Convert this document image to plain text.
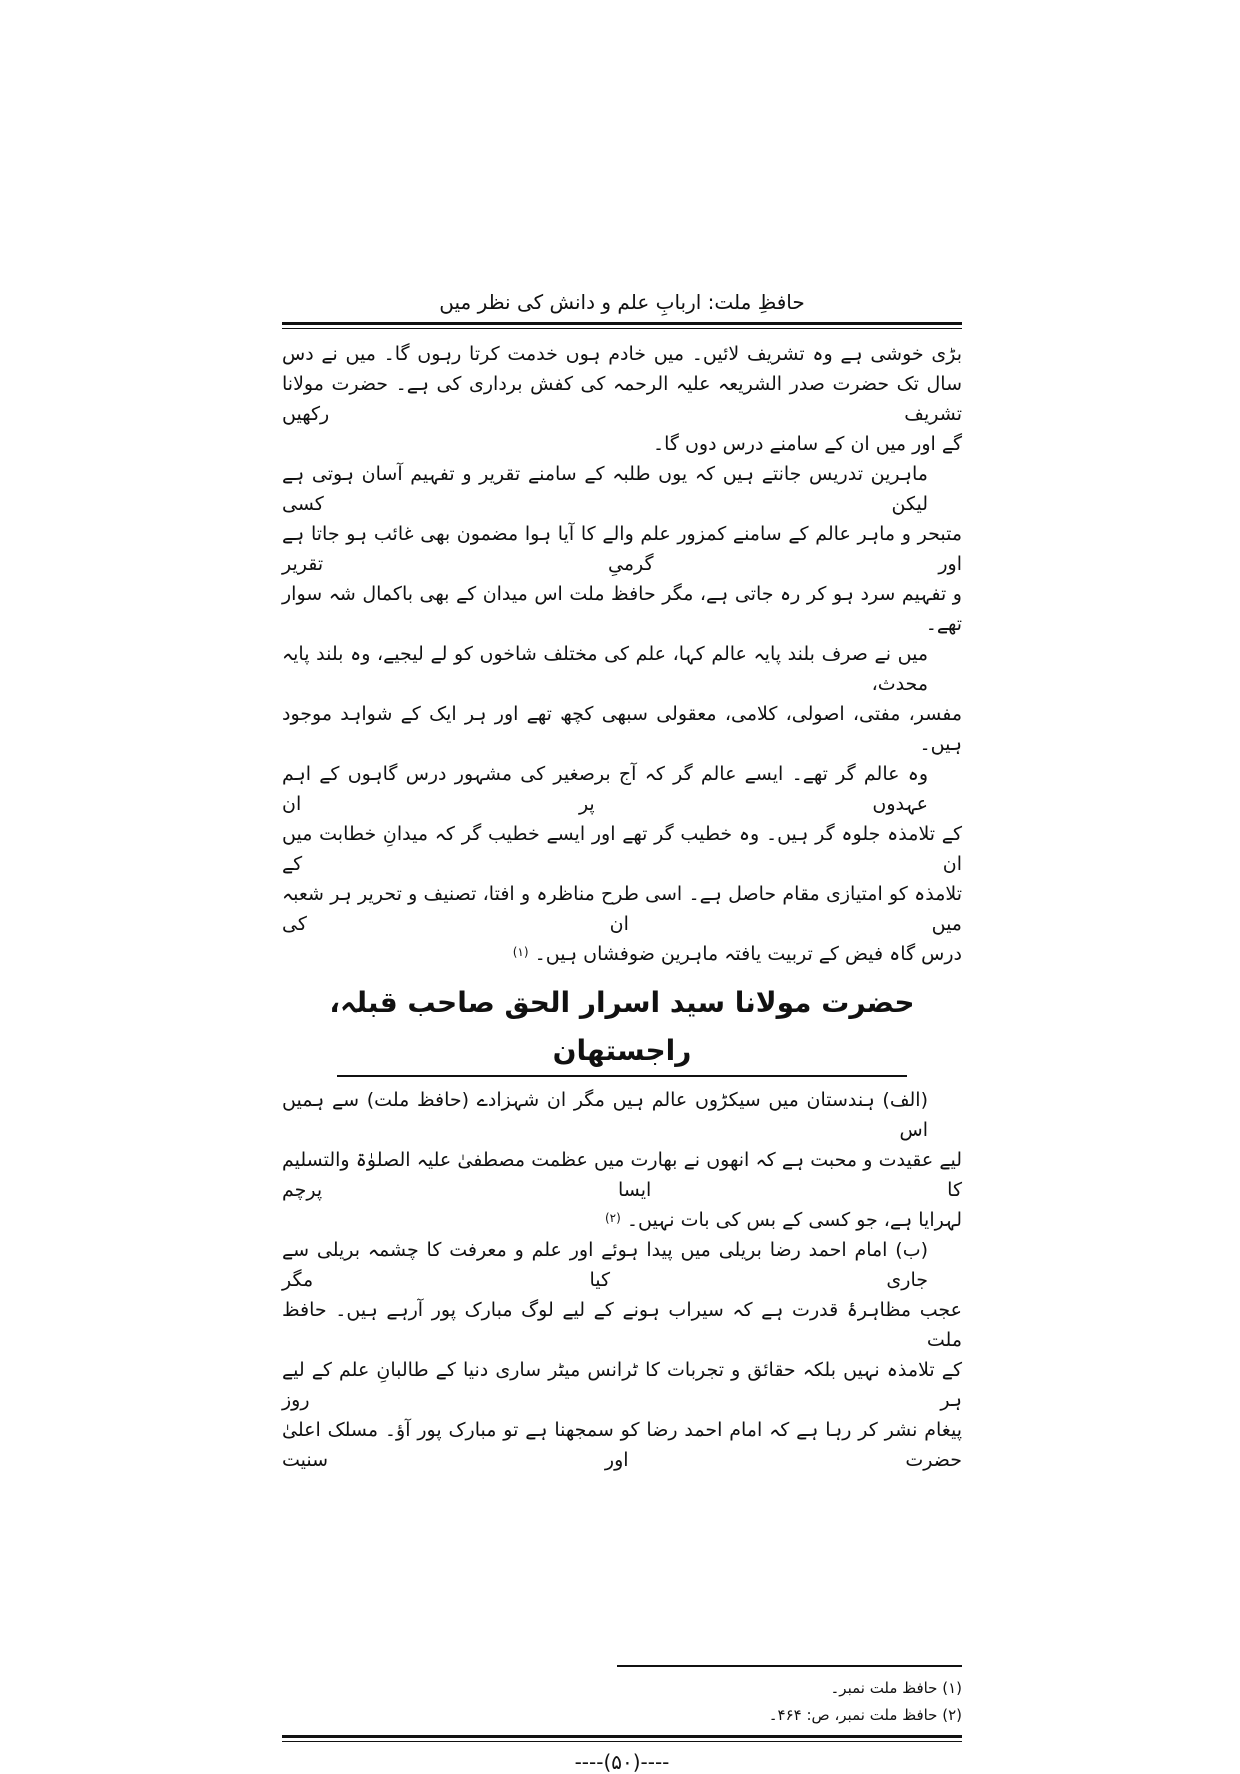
حافظِ ملت: اربابِ علم و دانش کی نظر میں
بڑی خوشی ہے وہ تشریف لائیں۔ میں خادم ہوں خدمت کرتا رہوں گا۔ میں نے دس
سال تک حضرت صدر الشریعہ علیہ الرحمہ کی کفش برداری کی ہے۔ حضرت مولانا تشریف رکھیں
گے اور میں ان کے سامنے درس دوں گا۔
ماہرین تدریس جانتے ہیں کہ یوں طلبہ کے سامنے تقریر و تفہیم آسان ہوتی ہے لیکن کسی
متبحر و ماہر عالم کے سامنے کمزور علم والے کا آیا ہوا مضمون بھی غائب ہو جاتا ہے اور گرمیِ تقریر
و تفہیم سرد ہو کر رہ جاتی ہے، مگر حافظ ملت اس میدان کے بھی باکمال شہ سوار تھے۔
میں نے صرف بلند پایہ عالم کہا، علم کی مختلف شاخوں کو لے لیجیے، وہ بلند پایہ محدث،
مفسر، مفتی، اصولی، کلامی، معقولی سبھی کچھ تھے اور ہر ایک کے شواہد موجود ہیں۔
وہ عالم گر تھے۔ ایسے عالم گر کہ آج برصغیر کی مشہور درس گاہوں کے اہم عہدوں پر ان
کے تلامذہ جلوہ گر ہیں۔ وہ خطیب گر تھے اور ایسے خطیب گر کہ میدانِ خطابت میں ان کے
تلامذہ کو امتیازی مقام حاصل ہے۔ اسی طرح مناظرہ و افتا، تصنیف و تحریر ہر شعبہ میں ان کی
درس گاہ فیض کے تربیت یافتہ ماہرین ضوفشاں ہیں۔ (۱)
حضرت مولانا سید اسرار الحق صاحب قبلہ، راجستھان
(الف) ہندستان میں سیکڑوں عالم ہیں مگر ان شہزادے (حافظ ملت) سے ہمیں اس
لیے عقیدت و محبت ہے کہ انھوں نے بھارت میں عظمت مصطفیٰ علیہ الصلوٰۃ والتسلیم کا ایسا پرچم
لہرایا ہے، جو کسی کے بس کی بات نہیں۔ (۲)
(ب) امام احمد رضا بریلی میں پیدا ہوئے اور علم و معرفت کا چشمہ بریلی سے جاری کیا مگر
عجب مظاہرۂ قدرت ہے کہ سیراب ہونے کے لیے لوگ مبارک پور آرہے ہیں۔ حافظ ملت
کے تلامذہ نہیں بلکہ حقائق و تجربات کا ٹرانس میٹر ساری دنیا کے طالبانِ علم کے لیے ہر روز
پیغام نشر کر رہا ہے کہ امام احمد رضا کو سمجھنا ہے تو مبارک پور آؤ۔ مسلک اعلیٰ حضرت اور سنیت
(۱) حافظ ملت نمبر۔
(۲) حافظ ملت نمبر، ص: ۴۶۴۔
----(۵۰)----
